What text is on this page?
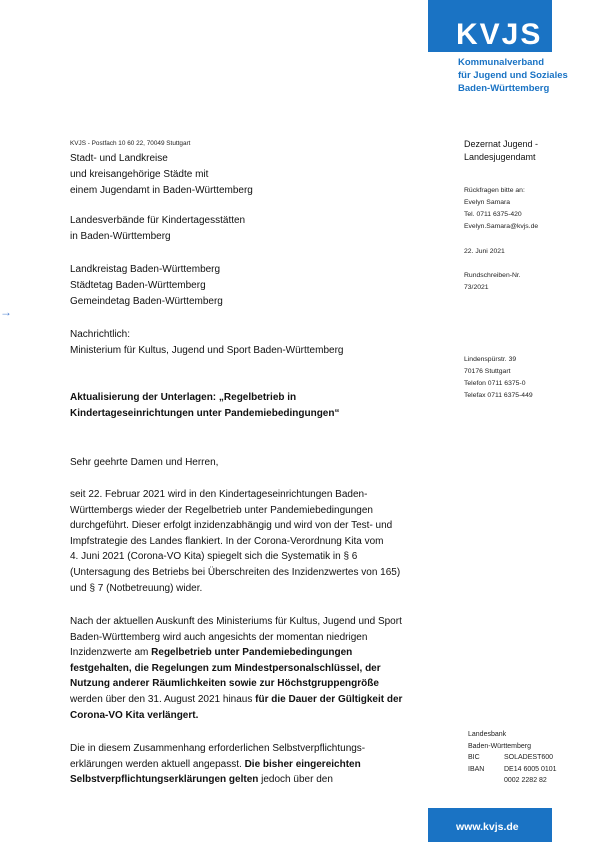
KVJS
Kommunalverband
für Jugend und Soziales
Baden-Württemberg
KVJS - Postfach 10 60 22, 70049 Stuttgart
Stadt- und Landkreise
und kreisangehörige Städte mit
einem Jugendamt in Baden-Württemberg
Landesverbände für Kindertagesstätten
in Baden-Württemberg
Landkreistag Baden-Württemberg
Städtetag Baden-Württemberg
Gemeindetag Baden-Württemberg
Nachrichtlich:
Ministerium für Kultus, Jugend und Sport Baden-Württemberg
→
Dezernat Jugend -
Landesjugendamt
Rückfragen bitte an:
Evelyn Samara
Tel. 0711 6375-420
Evelyn.Samara@kvjs.de
22. Juni 2021
Rundschreiben-Nr.
73/2021
Lindenspürstr. 39
70176 Stuttgart
Telefon 0711 6375-0
Telefax 0711 6375-449
Aktualisierung der Unterlagen: „Regelbetrieb in
Kindertageseinrichtungen unter Pandemiebedingungen“
Sehr geehrte Damen und Herren,
seit 22. Februar 2021 wird in den Kindertageseinrichtungen Baden-
Württembergs wieder der Regelbetrieb unter Pandemiebedingungen
durchgeführt. Dieser erfolgt inzidenzabhängig und wird von der Test- und
Impfstrategie des Landes flankiert. In der Corona-Verordnung Kita vom
4. Juni 2021 (Corona-VO Kita) spiegelt sich die Systematik in § 6
(Untersagung des Betriebs bei Überschreiten des Inzidenzwertes von 165)
und § 7 (Notbetreuung) wider.
Nach der aktuellen Auskunft des Ministeriums für Kultus, Jugend und Sport
Baden-Württemberg wird auch angesichts der momentan niedrigen
Inzidenzwerte am Regelbetrieb unter Pandemiebedingungen
festgehalten, die Regelungen zum Mindestpersonalschlüssel, der
Nutzung anderer Räumlichkeiten sowie zur Höchstgruppengröße
werden über den 31. August 2021 hinaus für die Dauer der Gültigkeit der
Corona-VO Kita verlängert.
Die in diesem Zusammenhang erforderlichen Selbstverpflichtungs-
erklärungen werden aktuell angepasst. Die bisher eingereichten
Selbstverpflichtungserklärungen gelten jedoch über den
Landesbank
Baden-Württemberg
BIC	SOLADEST600
IBAN	DE14 6005 0101
0002 2282 82
www.kvjs.de
